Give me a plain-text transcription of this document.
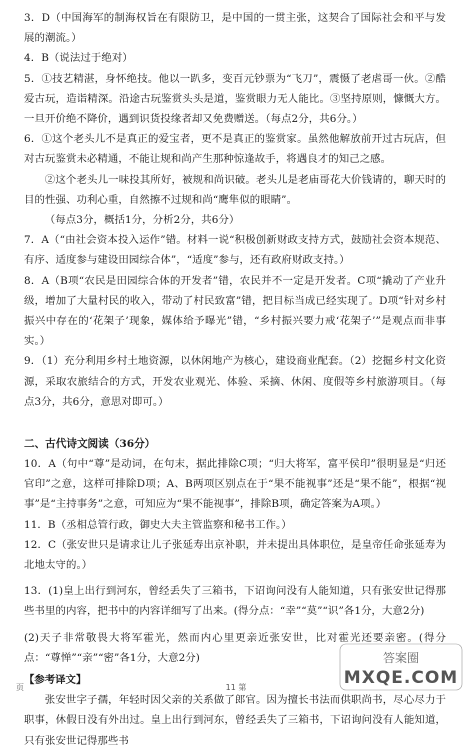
3．D（中国海军的制海权旨在有限防卫，是中国的一贯主张，这契合了国际社会和平与发展的潮流。）

4．B（说法过于绝对）

5．①技艺精湛，身怀绝技。他以一趴多，变百元钞票为“飞刀”，震慑了老虐哥一伙。②酷爱古玩，造诣精深。沿途古玩鉴赏头头是道，鉴赏眼力无人能比。③坚持原则，慷慨大方。一旦开价绝不降价，遇到识货投缘者却又免费赠送。（每点2分，共6分。）

6．①这个老头儿不是真正的爱宝者，更不是真正的鉴赏家。虽然他解放前开过古玩店，但对古玩鉴赏未必精通，不能让规和尚产生那种惊逢故手，将遇良才的知己之感。

②这个老头儿一味投其所好，被规和尚识破。老头儿是老庙哥花大价钱请的，聊天时的目的性强、功利心重，自然擦不过规和尚“鹰隼似的眼睛”。

（每点3分，概括1分，分析2分，共6分）

7．A（“由社会资本投入运作”错。材料一说“积极创新财政支持方式，鼓励社会资本规范、有序、适度参与建设田园综合体”，“适度”参与，还有政府财政支持。）

8．A（B项“农民是田园综合体的开发者”错，农民并不一定是开发者。C项“撬动了产业升级，增加了大量村民的收入，带动了村民致富”错，把目标当成已经实现了。D项“针对乡村振兴中存在的‘花架子’现象，媒体给予曝光”错，“乡村振兴要力戒‘花架子’”是观点而非事实。）

9．（1）充分利用乡村土地资源，以休闲地产为核心，建设商业配套。（2）挖掘乡村文化资源，采取农旅结合的方式，开发农业观光、体验、采摘、休闲、度假等乡村旅游项目。（每点3分，共6分，意思对即可。）

二、古代诗文阅读（36分）

10．A（句中“尊”是动词，在句末，据此排除C项；“归大将军，富平侯印”很明显是“归还官印”之意，这样可排除D项；A、B两项区别点在于“果不能视事”还是“果不能”，根据“视事”是“主持事务”之意，可知应为“果不能视事”，排除B项，确定答案为A项。）

11．B（丞相总管行政，御史大夫主管监察和秘书工作。）

12．C（张安世只是请求让儿子张延寿出京补职，并未提出具体职位，是皇帝任命张延寿为北地太守的。）

13．(1)皇上出行到河东，曾经丢失了三箱书，下诏询问没有人能知道，只有张安世记得那些书里的内容，把书中的内容详细写了出来。(得分点：“幸”“莫”“识”各1分，大意2分)

(2)天子非常敬畏大将军霍光，然而内心里更亲近张安世，比对霍光还要亲密。(得分点：“尊惮”“亲”“密”各1分，大意2分)

【参考译文】

张安世字子孺，年轻时因父亲的关系做了郎官。因为擅长书法而供职尚书，尽心尽力于职事，休假日没有外出过。皇上出行到河东，曾经丢失了三箱书，下诏询问没有人能知道，只有张安世记得那些书

页	11 第
答案圈
MXQE.COM
